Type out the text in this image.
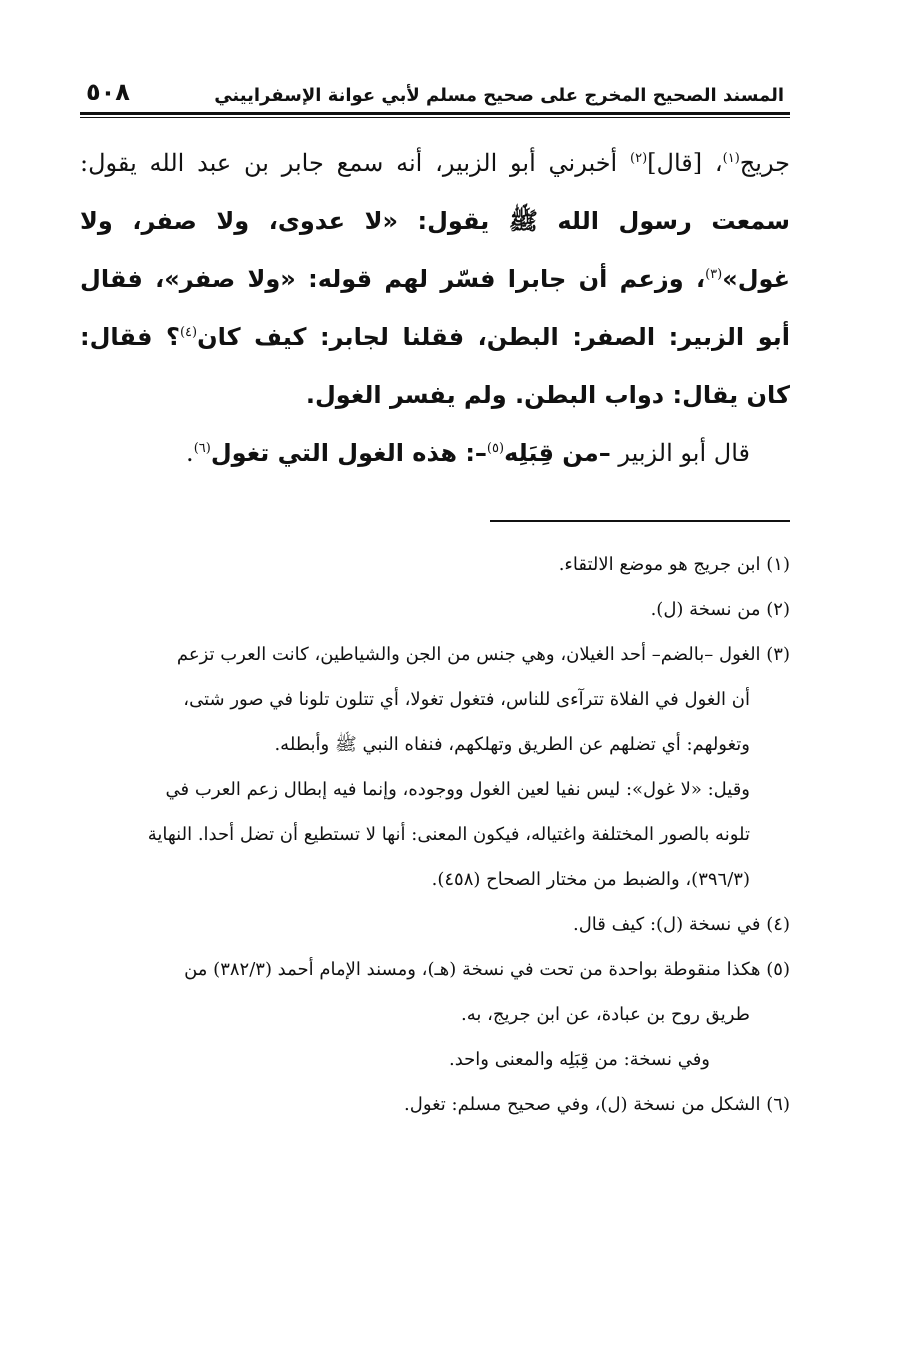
المسند الصحيح المخرج على صحيح مسلم لأبي عوانة الإسفراييني
٥٠٨

جريج$^{(١)}$، [قال]$^{(٢)}$ أخبرني أبو الزبير، أنه سمع جابر بن عبد الله يقول: سمعت رسول الله ﷺ يقول: «لا عدوى، ولا صفر، ولا غول»$^{(٣)}$، وزعم أن جابرا فسّر لهم قوله: «ولا صفر»، فقال أبو الزبير: الصفر: البطن، فقلنا لجابر: كيف كان$^{(٤)}$؟ فقال: كان يقال: دواب البطن. ولم يفسر الغول.

قال أبو الزبير –من قِبَلِه$^{(٥)}$–: هذه الغول التي تغول$^{(٦)}$.

(١) ابن جريج هو موضع الالتقاء.

(٢) من نسخة (ل).

(٣) الغول –بالضم– أحد الغيلان، وهي جنس من الجن والشياطين، كانت العرب تزعم
أن الغول في الفلاة تترآءى للناس، فتغول تغولا، أي تتلون تلونا في صور شتى،
وتغولهم: أي تضلهم عن الطريق وتهلكهم، فنفاه النبي ﷺ وأبطله.
وقيل: «لا غول»: ليس نفيا لعين الغول ووجوده، وإنما فيه إبطال زعم العرب في
تلونه بالصور المختلفة واغتياله، فيكون المعنى: أنها لا تستطيع أن تضل أحدا. النهاية
(٣٩٦/٣)، والضبط من مختار الصحاح (٤٥٨).

(٤) في نسخة (ل): كيف قال.

(٥) هكذا منقوطة بواحدة من تحت في نسخة (هـ)، ومسند الإمام أحمد (٣٨٢/٣) من
طريق روح بن عبادة، عن ابن جريج، به.
وفي نسخة: من قِبَلِه والمعنى واحد.

(٦) الشكل من نسخة (ل)، وفي صحيح مسلم: تغول.
